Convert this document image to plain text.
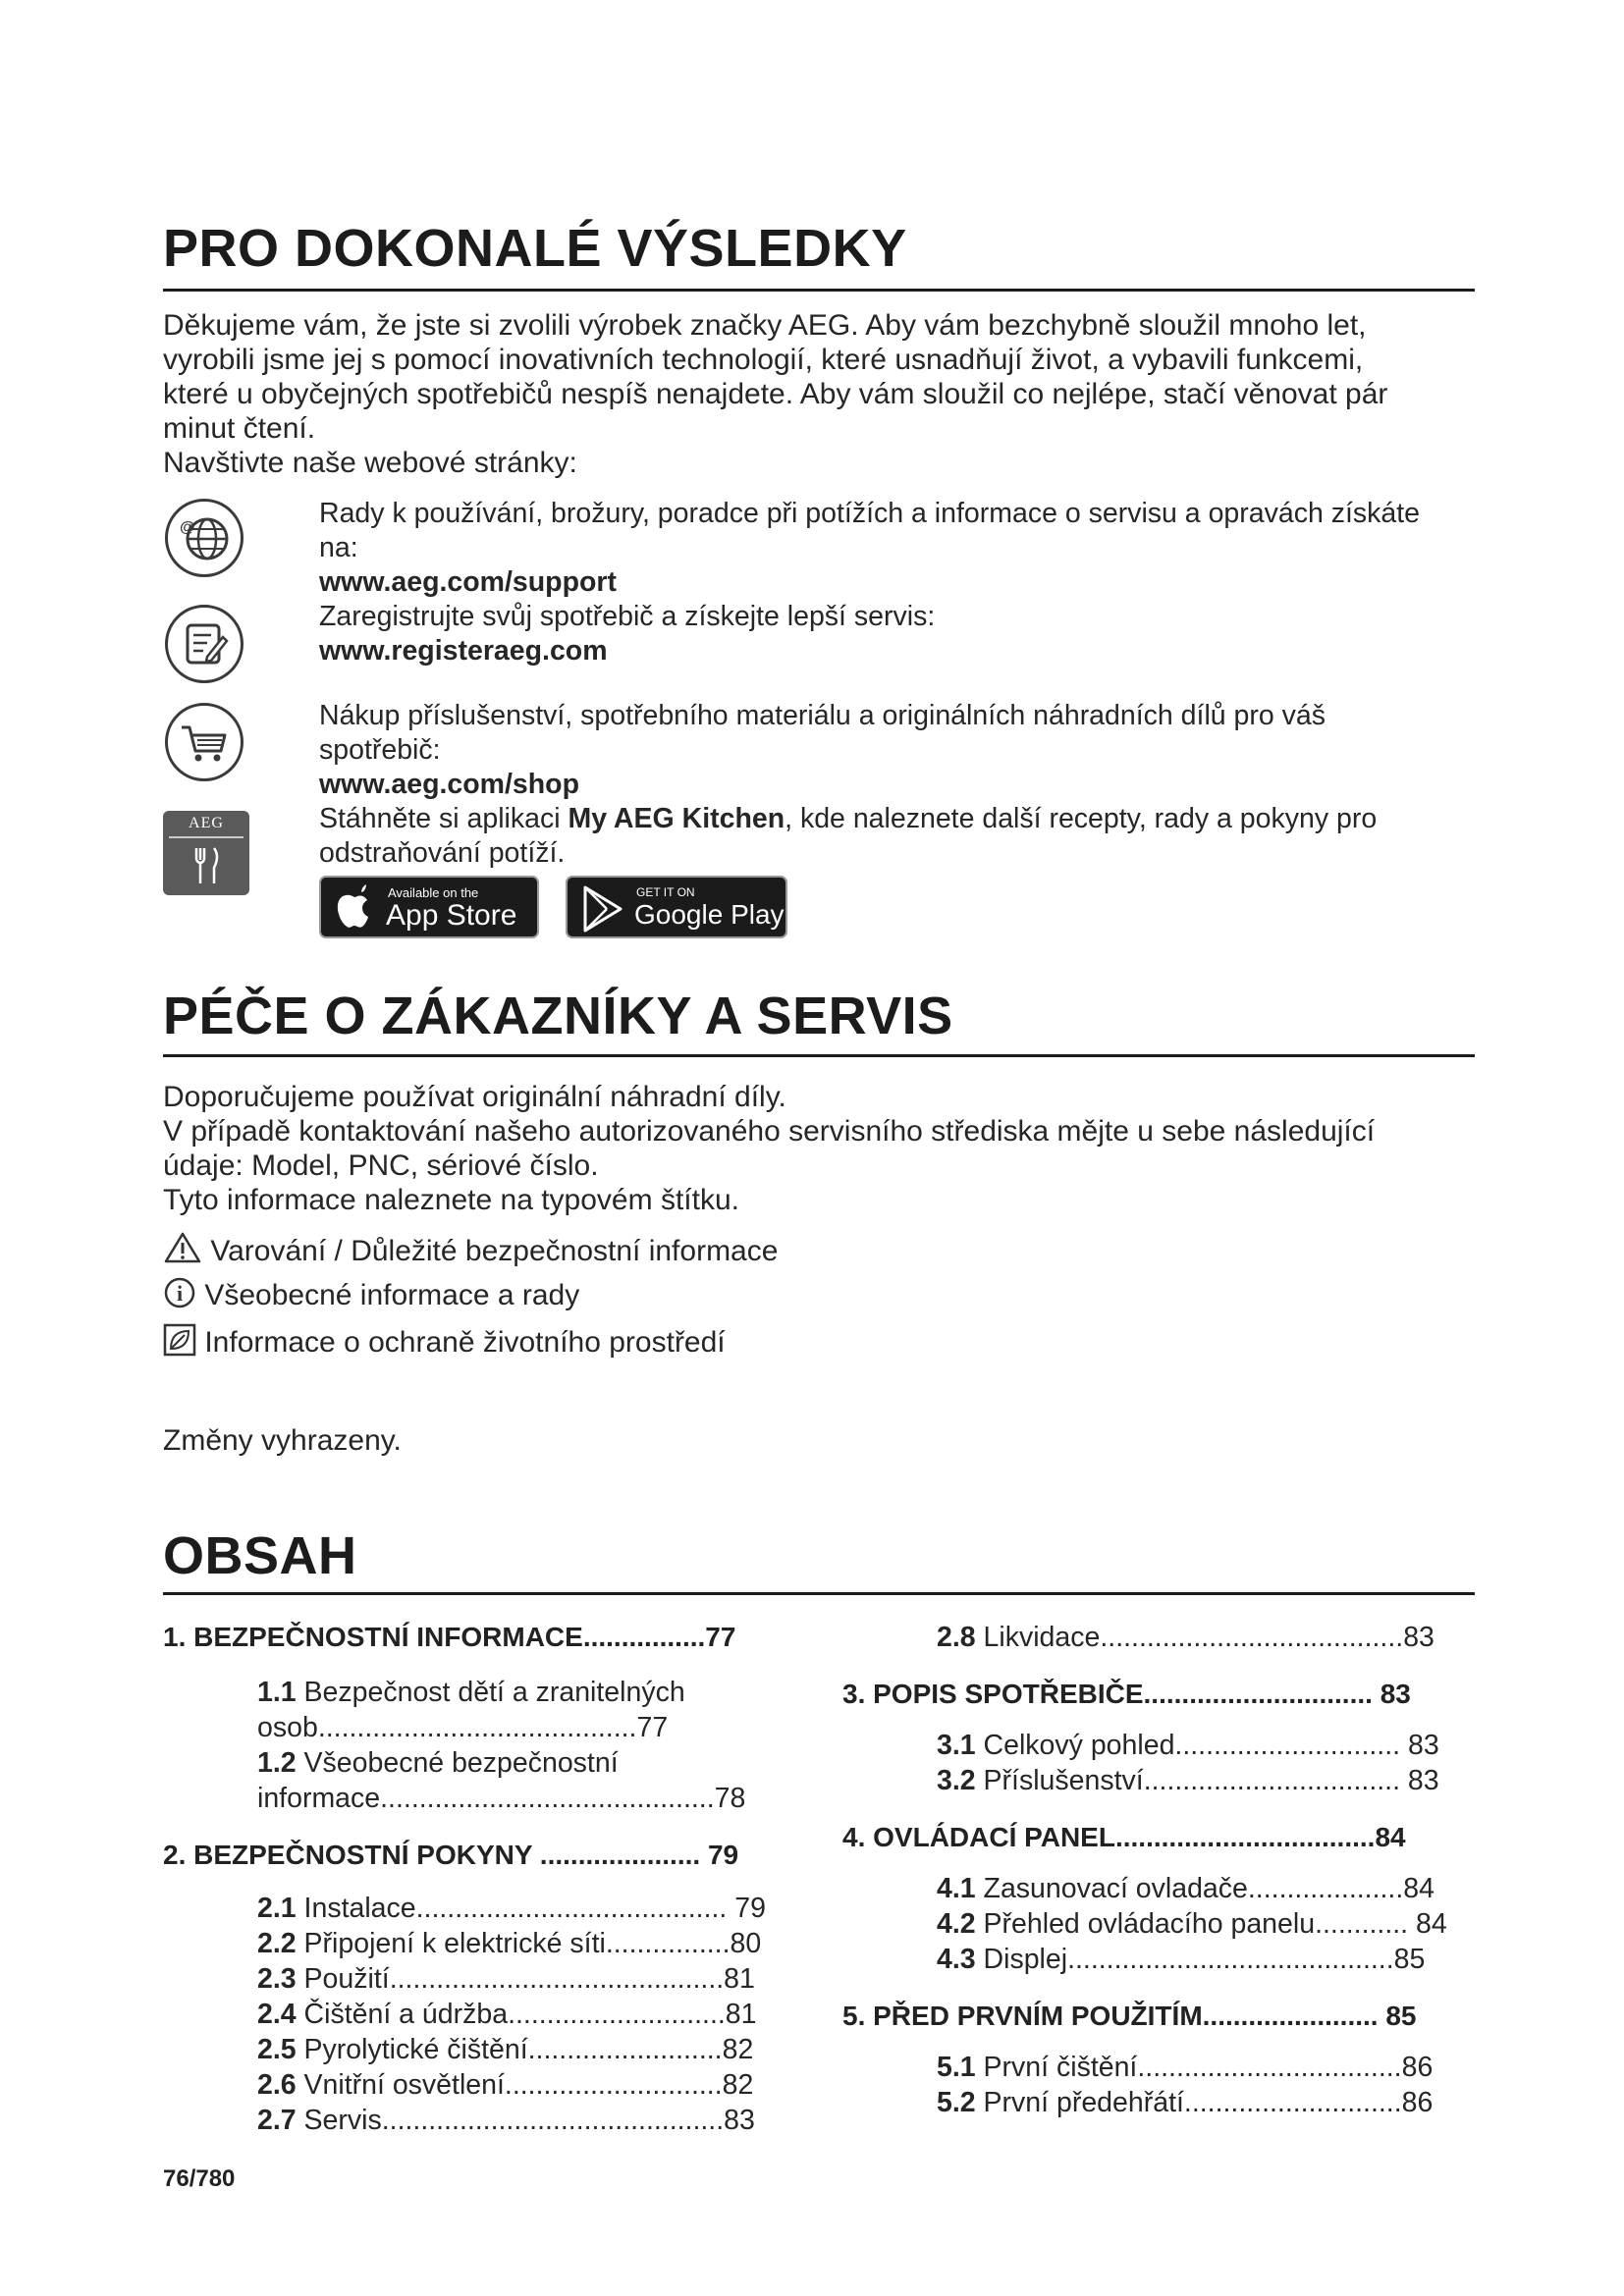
PRO DOKONALÉ VÝSLEDKY
Děkujeme vám, že jste si zvolili výrobek značky AEG. Aby vám bezchybně sloužil mnoho let,
vyrobili jsme jej s pomocí inovativních technologií, které usnadňují život, a vybavili funkcemi,
které u obyčejných spotřebičů nespíš nenajdete. Aby vám sloužil co nejlépe, stačí věnovat pár
minut čtení.
Navštivte naše webové stránky:
@	Rady k používání, brožury, poradce při potížích a informace o servisu a opravách získáte
na:
www.aeg.com/support
Zaregistrujte svůj spotřebič a získejte lepší servis:
www.registeraeg.com
Nákup příslušenství, spotřebního materiálu a originálních náhradních dílů pro váš
spotřebič:
www.aeg.com/shop
Stáhněte si aplikaci My AEG Kitchen, kde naleznete další recepty, rady a pokyny pro
odstraňování potíží.
AEG
Available on the
App Store
GET IT ON
Google Play
PÉČE O ZÁKAZNÍKY A SERVIS
Doporučujeme používat originální náhradní díly.
V případě kontaktování našeho autorizovaného servisního střediska mějte u sebe následující
údaje: Model, PNC, sériové číslo.
Tyto informace naleznete na typovém štítku.
Varování / Důležité bezpečnostní informace
i Všeobecné informace a rady
Informace o ochraně životního prostředí
Změny vyhrazeny.
OBSAH
1. BEZPEČNOSTNÍ INFORMACE................77
1.1 Bezpečnost dětí a zranitelných
osob.........................................77
1.2 Všeobecné bezpečnostní
informace...........................................78
2. BEZPEČNOSTNÍ POKYNY ..................... 79
2.1 Instalace........................................ 79
2.2 Připojení k elektrické síti................80
2.3 Použití...........................................81
2.4 Čištění a údržba............................81
2.5 Pyrolytické čištění.........................82
2.6 Vnitřní osvětlení............................82
2.7 Servis............................................83
2.8 Likvidace.......................................83
3. POPIS SPOTŘEBIČE.............................. 83
3.1 Celkový pohled............................. 83
3.2 Příslušenství................................. 83
4. OVLÁDACÍ PANEL..................................84
4.1 Zasunovací ovladače....................84
4.2 Přehled ovládacího panelu............ 84
4.3 Displej..........................................85
5. PŘED PRVNÍM POUŽITÍM....................... 85
5.1 První čištění..................................86
5.2 První předehřátí............................86
76/780
